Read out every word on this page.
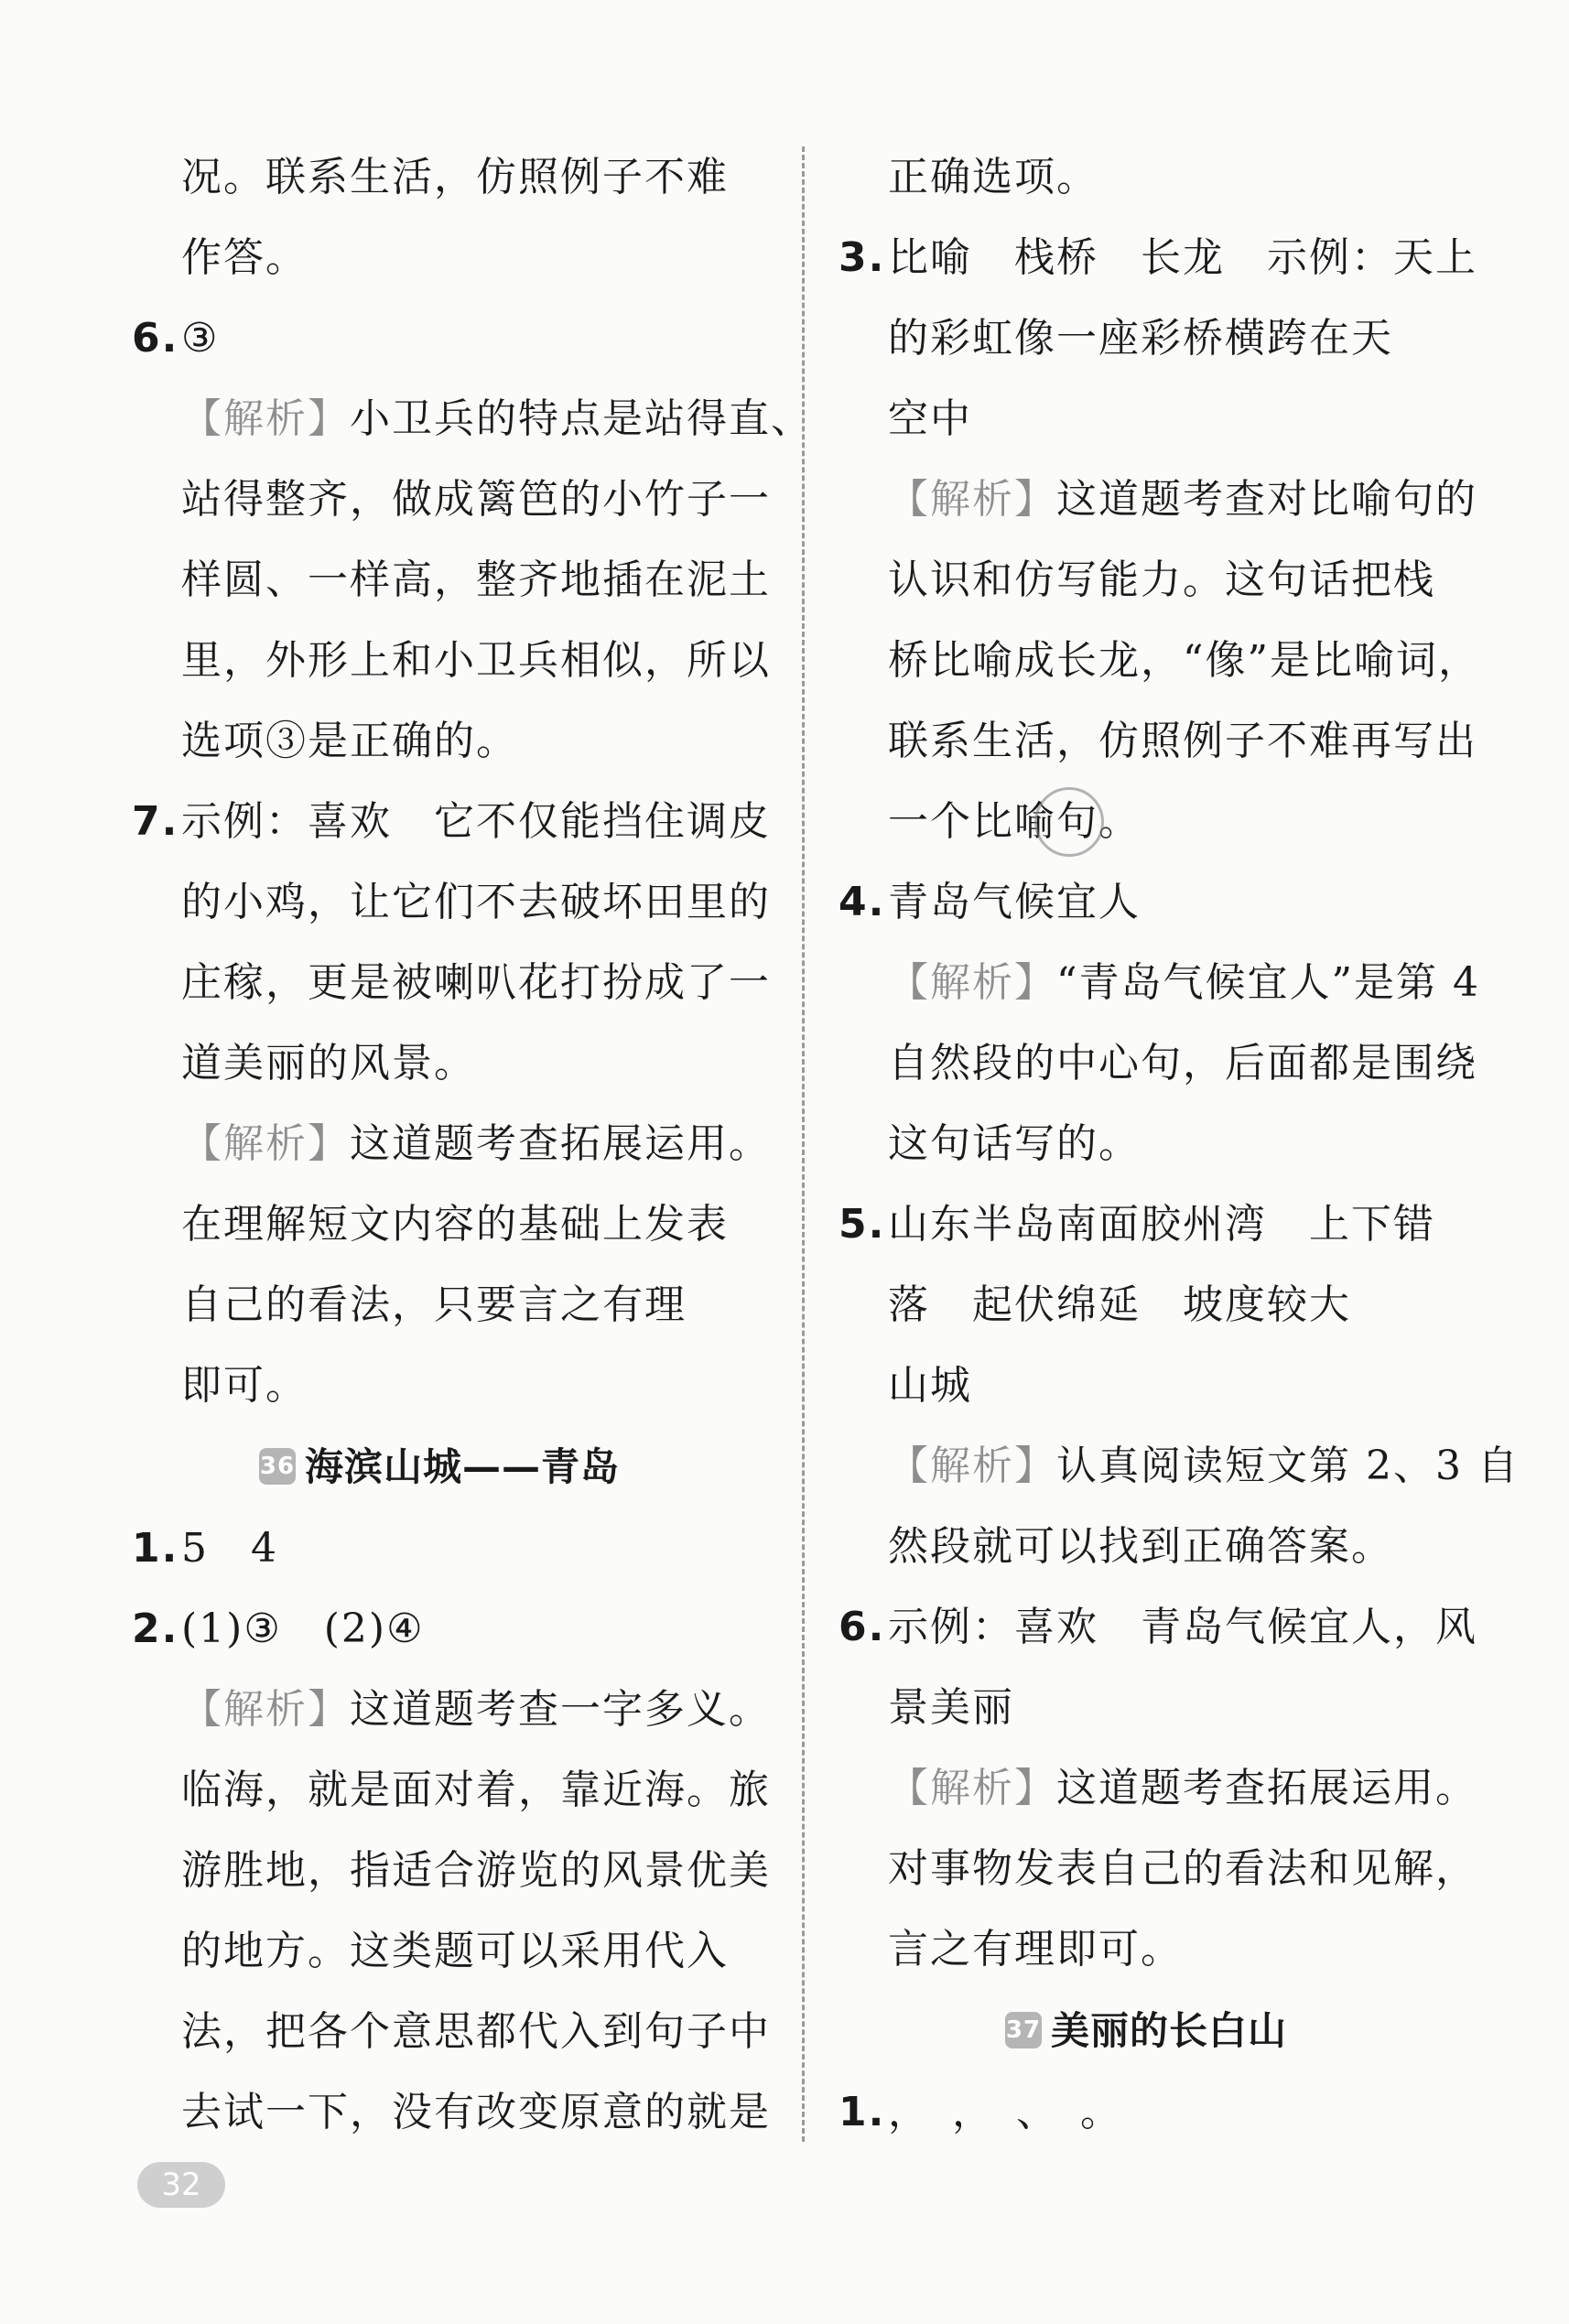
况。联系生活，仿照例子不难
作答。
6.③
【解析】小卫兵的特点是站得直、
站得整齐，做成篱笆的小竹子一
样圆、一样高，整齐地插在泥土
里，外形上和小卫兵相似，所以
选项③是正确的。
7.示例：喜欢　它不仅能挡住调皮
的小鸡，让它们不去破坏田里的
庄稼，更是被喇叭花打扮成了一
道美丽的风景。
【解析】这道题考查拓展运用。
在理解短文内容的基础上发表
自己的看法，只要言之有理
即可。
36 海滨山城——青岛
1.5　4
2.(1)③　(2)④
【解析】这道题考查一字多义。
临海，就是面对着，靠近海。旅
游胜地，指适合游览的风景优美
的地方。这类题可以采用代入
法，把各个意思都代入到句子中
去试一下，没有改变原意的就是
正确选项。
3.比喻　栈桥　长龙　示例：天上
的彩虹像一座彩桥横跨在天
空中
【解析】这道题考查对比喻句的
认识和仿写能力。这句话把栈
桥比喻成长龙，“像”是比喻词，
联系生活，仿照例子不难再写出
一个比喻句。
4.青岛气候宜人
【解析】“青岛气候宜人”是第 4
自然段的中心句，后面都是围绕
这句话写的。
5.山东半岛南面胶州湾　上下错
落　起伏绵延　坡度较大
山城
【解析】认真阅读短文第 2、3 自
然段就可以找到正确答案。
6.示例：喜欢　青岛气候宜人，风
景美丽
【解析】这道题考查拓展运用。
对事物发表自己的看法和见解，
言之有理即可。
37 美丽的长白山
1.，　，　、　。
32
